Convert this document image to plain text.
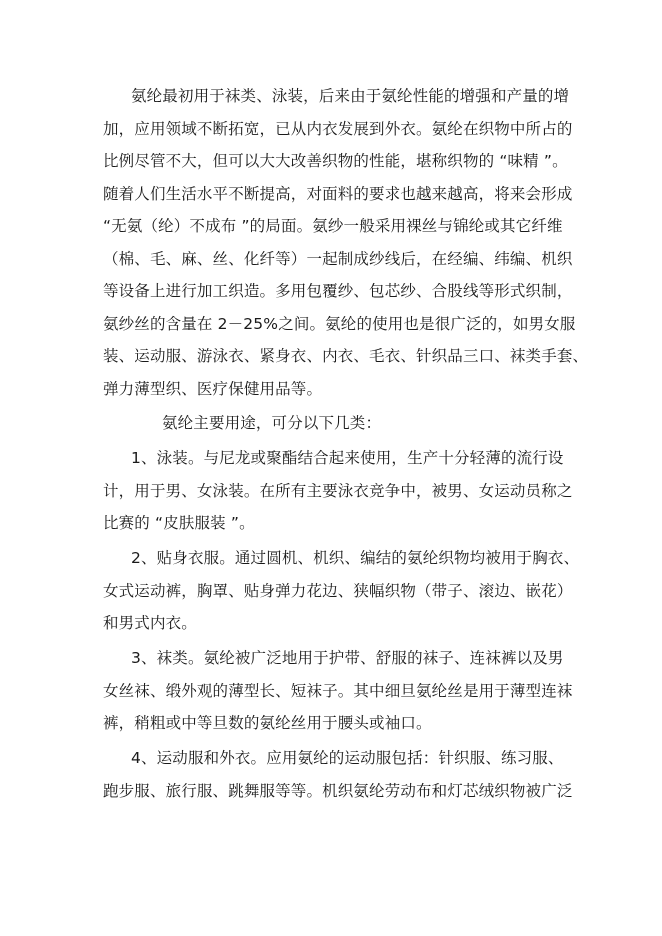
氨纶最初用于袜类、泳装，后来由于氨纶性能的增强和产量的增
加，应用领域不断拓宽，已从内衣发展到外衣。氨纶在织物中所占的
比例尽管不大，但可以大大改善织物的性能，堪称织物的 “味精 ”。
随着人们生活水平不断提高，对面料的要求也越来越高，将来会形成
“无氨（纶）不成布 ”的局面。氨纱一般采用裸丝与锦纶或其它纤维
（棉、毛、麻、丝、化纤等）一起制成纱线后，在经编、纬编、机织
等设备上进行加工织造。多用包覆纱、包芯纱、合股线等形式织制，
氨纱丝的含量在 2－25%之间。氨纶的使用也是很广泛的，如男女服
装、运动服、游泳衣、紧身衣、内衣、毛衣、针织品三口、袜类手套、
弹力薄型织、医疗保健用品等。
氨纶主要用途，可分以下几类：
1、泳装。与尼龙或聚酯结合起来使用，生产十分轻薄的流行设
计，用于男、女泳装。在所有主要泳衣竞争中，被男、女运动员称之
比赛的 “皮肤服装 ”。
2、贴身衣服。通过圆机、机织、编结的氨纶织物均被用于胸衣、
女式运动裤，胸罩、贴身弹力花边、狭幅织物（带子、滚边、嵌花）
和男式内衣。
3、袜类。氨纶被广泛地用于护带、舒服的袜子、连袜裤以及男
女丝袜、缎外观的薄型长、短袜子。其中细旦氨纶丝是用于薄型连袜
裤，稍粗或中等旦数的氨纶丝用于腰头或袖口。
4、运动服和外衣。应用氨纶的运动服包括：针织服、练习服、
跑步服、旅行服、跳舞服等等。机织氨纶劳动布和灯芯绒织物被广泛
